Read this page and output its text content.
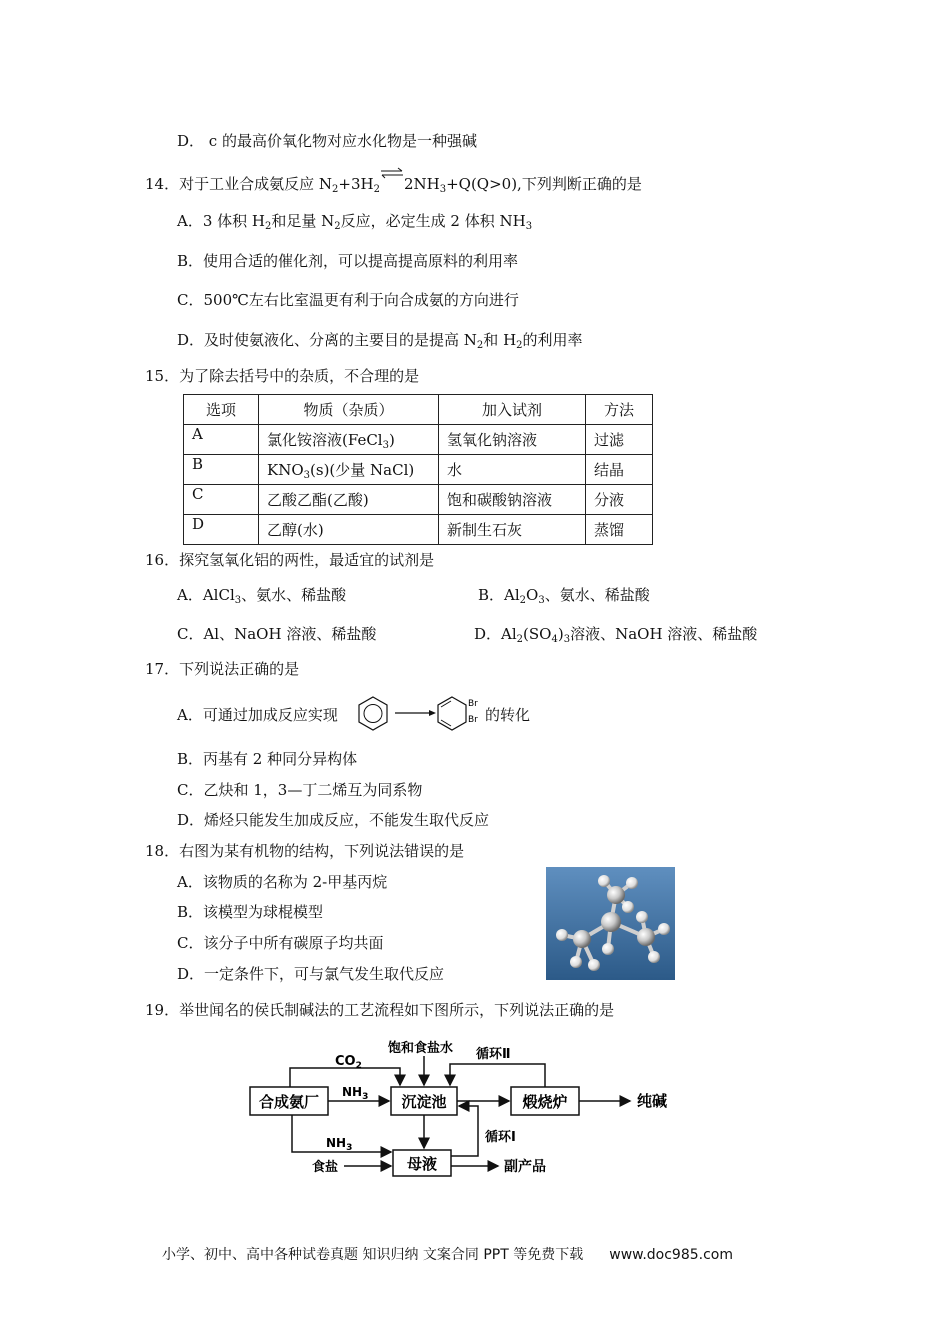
D． c 的最高价氧化物对应水化物是一种强碱
14．对于工业合成氨反应 $N_2+3H_2$ $\rightleftharpoons 2NH_3+Q(Q>0)$,下列判断正确的是
A．3 体积 $H_2$和足量 $N_2$反应，必定生成 2 体积 $NH_3$
B．使用合适的催化剂，可以提高提高原料的利用率
C．500℃左右比室温更有利于向合成氨的方向进行
D．及时使氨液化、分离的主要目的是提高 $N_2$和 $H_2$的利用率
15．为了除去括号中的杂质，不合理的是
选项	物质（杂质）	加入试剂	方法
A	氯化铵溶液(FeCl$_3$)	氢氧化钠溶液	过滤
B	$KNO_3(s)$(少量 NaCl)	水	结晶
C	乙酸乙酯(乙酸)	饱和碳酸钠溶液	分液
D	乙醇(水)	新制生石灰	蒸馏
16．探究氢氧化铝的两性，最适宜的试剂是
A．AlCl$_3$、氨水、稀盐酸	B．$Al_2O_3$、氨水、稀盐酸
C．Al、NaOH 溶液、稀盐酸	D．$Al_2(SO_4)_3$溶液、NaOH 溶液、稀盐酸
17．下列说法正确的是
A．可通过加成反应实现
Br
Br 的转化
B．丙基有 2 种同分异构体
C．乙炔和 1，3—丁二烯互为同系物
D．烯烃只能发生加成反应，不能发生取代反应
18．右图为某有机物的结构，下列说法错误的是
A．该物质的名称为 2-甲基丙烷
B．该模型为球棍模型
C．该分子中所有碳原子均共面
D．一定条件下，可与氯气发生取代反应
19．举世闻名的侯氏制碱法的工艺流程如下图所示，下列说法正确的是
合成氨厂	沉淀池	煅烧炉
母液
$CO_2$
饱和食盐水 循环Ⅱ
$NH_3$	纯碱
循环Ⅰ
$NH_3$
食盐	副产品
小学、初中、高中各种试卷真题 知识归纳 文案合同 PPT 等免费下载 www.doc985.com
